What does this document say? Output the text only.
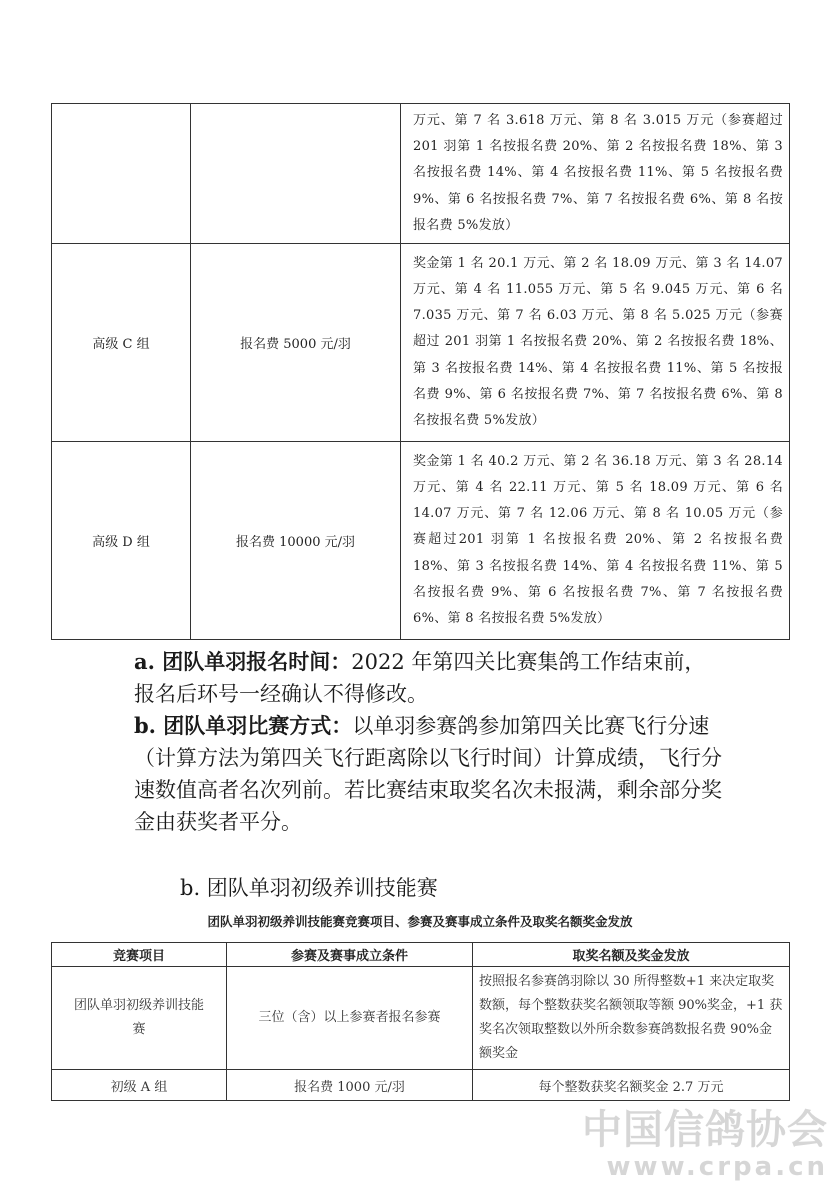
		万元、第 7 名 3.618 万元、第 8 名 3.015 万元（参赛超过201 羽第 1 名按报名费 20%、第 2 名按报名费 18%、第 3 名按报名费 14%、第 4 名按报名费 11%、第 5 名按报名费 9%、第 6 名按报名费 7%、第 7 名按报名费 6%、第 8 名按报名费 5%发放）
高级 C 组	报名费 5000 元/羽	奖金第 1 名 20.1 万元、第 2 名 18.09 万元、第 3 名 14.07 万元、第 4 名 11.055 万元、第 5 名 9.045 万元、第 6 名 7.035 万元、第 7 名 6.03 万元、第 8 名 5.025 万元（参赛超过 201 羽第 1 名按报名费 20%、第 2 名按报名费 18%、第 3 名按报名费 14%、第 4 名按报名费 11%、第 5 名按报名费 9%、第 6 名按报名费 7%、第 7 名按报名费 6%、第 8 名按报名费 5%发放）
高级 D 组	报名费 10000 元/羽	奖金第 1 名 40.2 万元、第 2 名 36.18 万元、第 3 名 28.14 万元、第 4 名 22.11 万元、第 5 名 18.09 万元、第 6 名 14.07 万元、第 7 名 12.06 万元、第 8 名 10.05 万元（参赛超过201 羽第 1 名按报名费 20%、第 2 名按报名费 18%、第 3 名按报名费 14%、第 4 名按报名费 11%、第 5 名按报名费 9%、第 6 名按报名费 7%、第 7 名按报名费 6%、第 8 名按报名费 5%发放）
a. 团队单羽报名时间：2022 年第四关比赛集鸽工作结束前，报名后环号一经确认不得修改。
b. 团队单羽比赛方式：以单羽参赛鸽参加第四关比赛飞行分速（计算方法为第四关飞行距离除以飞行时间）计算成绩，飞行分速数值高者名次列前。若比赛结束取奖名次未报满，剩余部分奖金由获奖者平分。
b. 团队单羽初级养训技能赛
团队单羽初级养训技能赛竞赛项目、参赛及赛事成立条件及取奖名额奖金发放
竞赛项目	参赛及赛事成立条件	取奖名额及奖金发放
团队单羽初级养训技能赛	三位（含）以上参赛者报名参赛	按照报名参赛鸽羽除以 30 所得整数+1 来决定取奖数额，每个整数获奖名额领取等额 90%奖金，+1 获奖名次领取整数以外所余数参赛鸽数报名费 90%金额奖金
初级 A 组	报名费 1000 元/羽	每个整数获奖名额奖金 2.7 万元
中国信鸽协会
www.crpa.cn
